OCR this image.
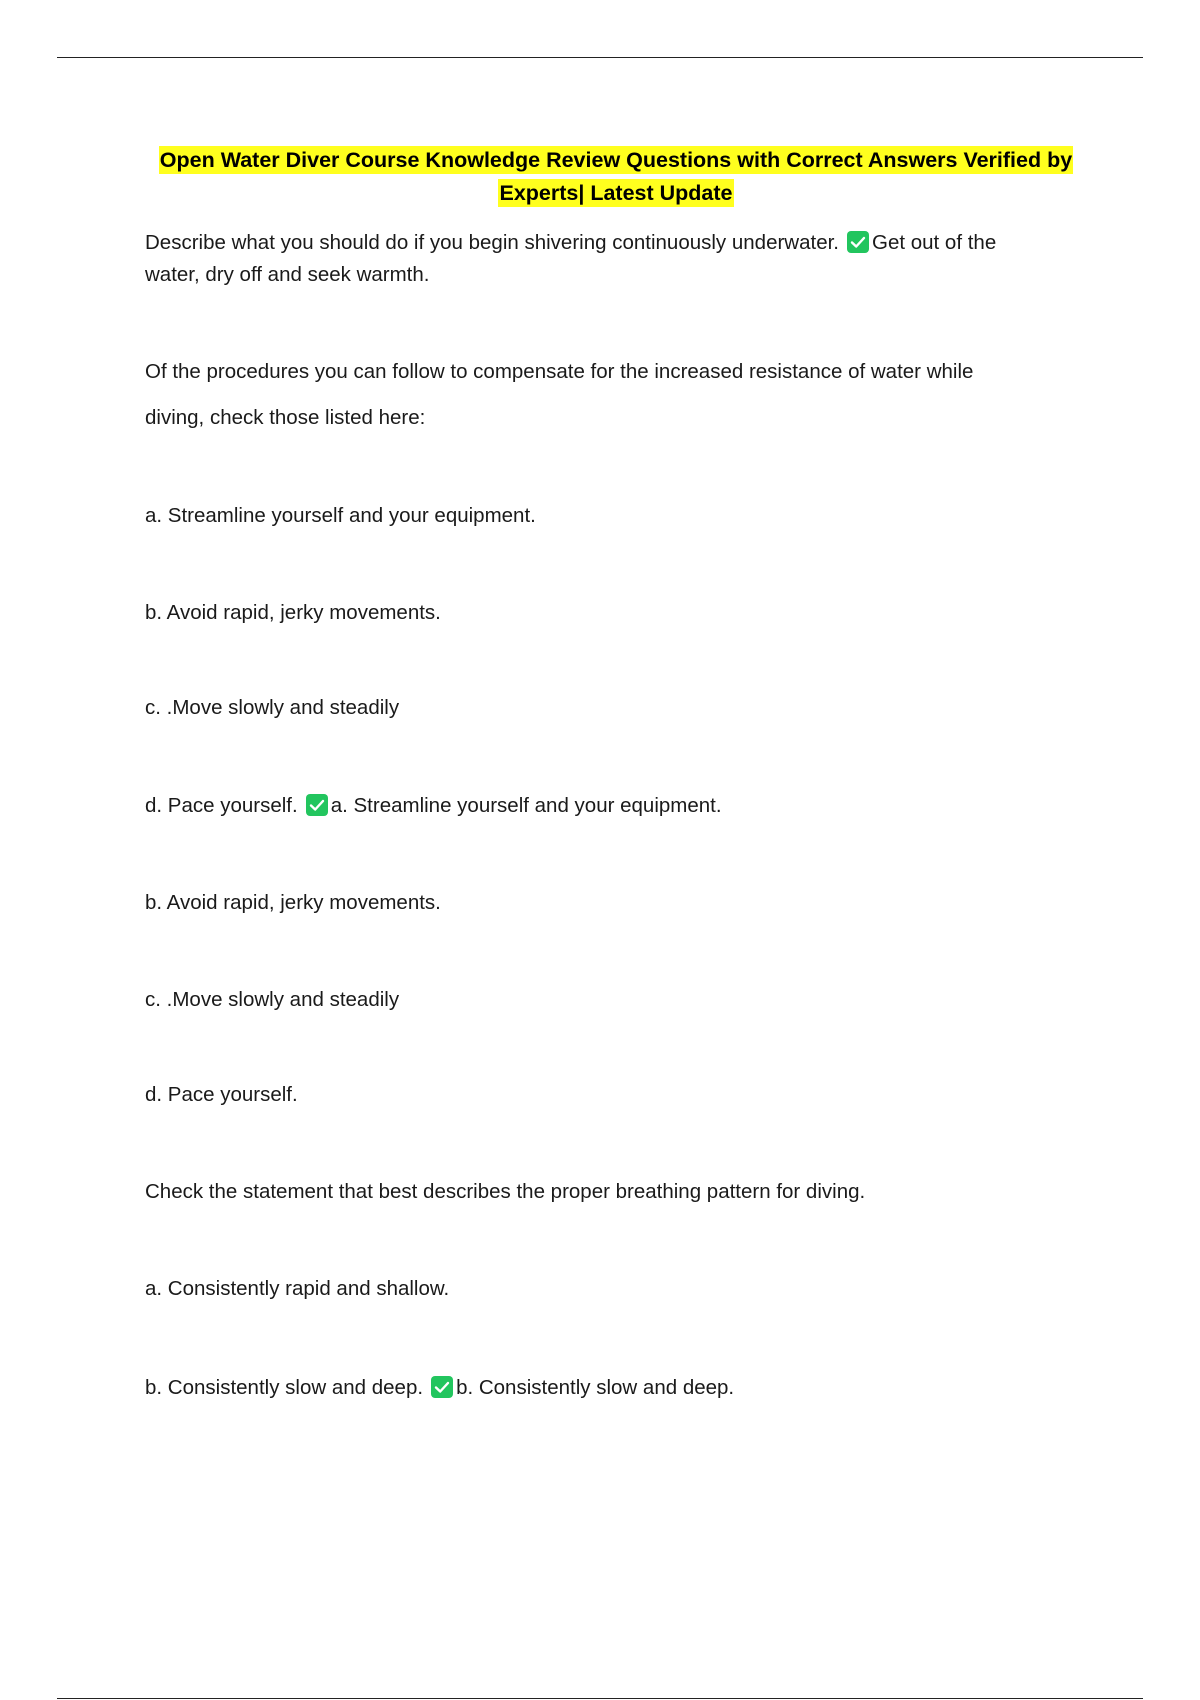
Open Water Diver Course Knowledge Review Questions with Correct Answers Verified by
Experts| Latest Update
Describe what you should do if you begin shivering continuously underwater. Get out of the
water, dry off and seek warmth.
Of the procedures you can follow to compensate for the increased resistance of water while
diving, check those listed here:
a. Streamline yourself and your equipment.
b. Avoid rapid, jerky movements.
c. .Move slowly and steadily
d. Pace yourself. a. Streamline yourself and your equipment.
b. Avoid rapid, jerky movements.
c. .Move slowly and steadily
d. Pace yourself.
Check the statement that best describes the proper breathing pattern for diving.
a. Consistently rapid and shallow.
b. Consistently slow and deep. b. Consistently slow and deep.
